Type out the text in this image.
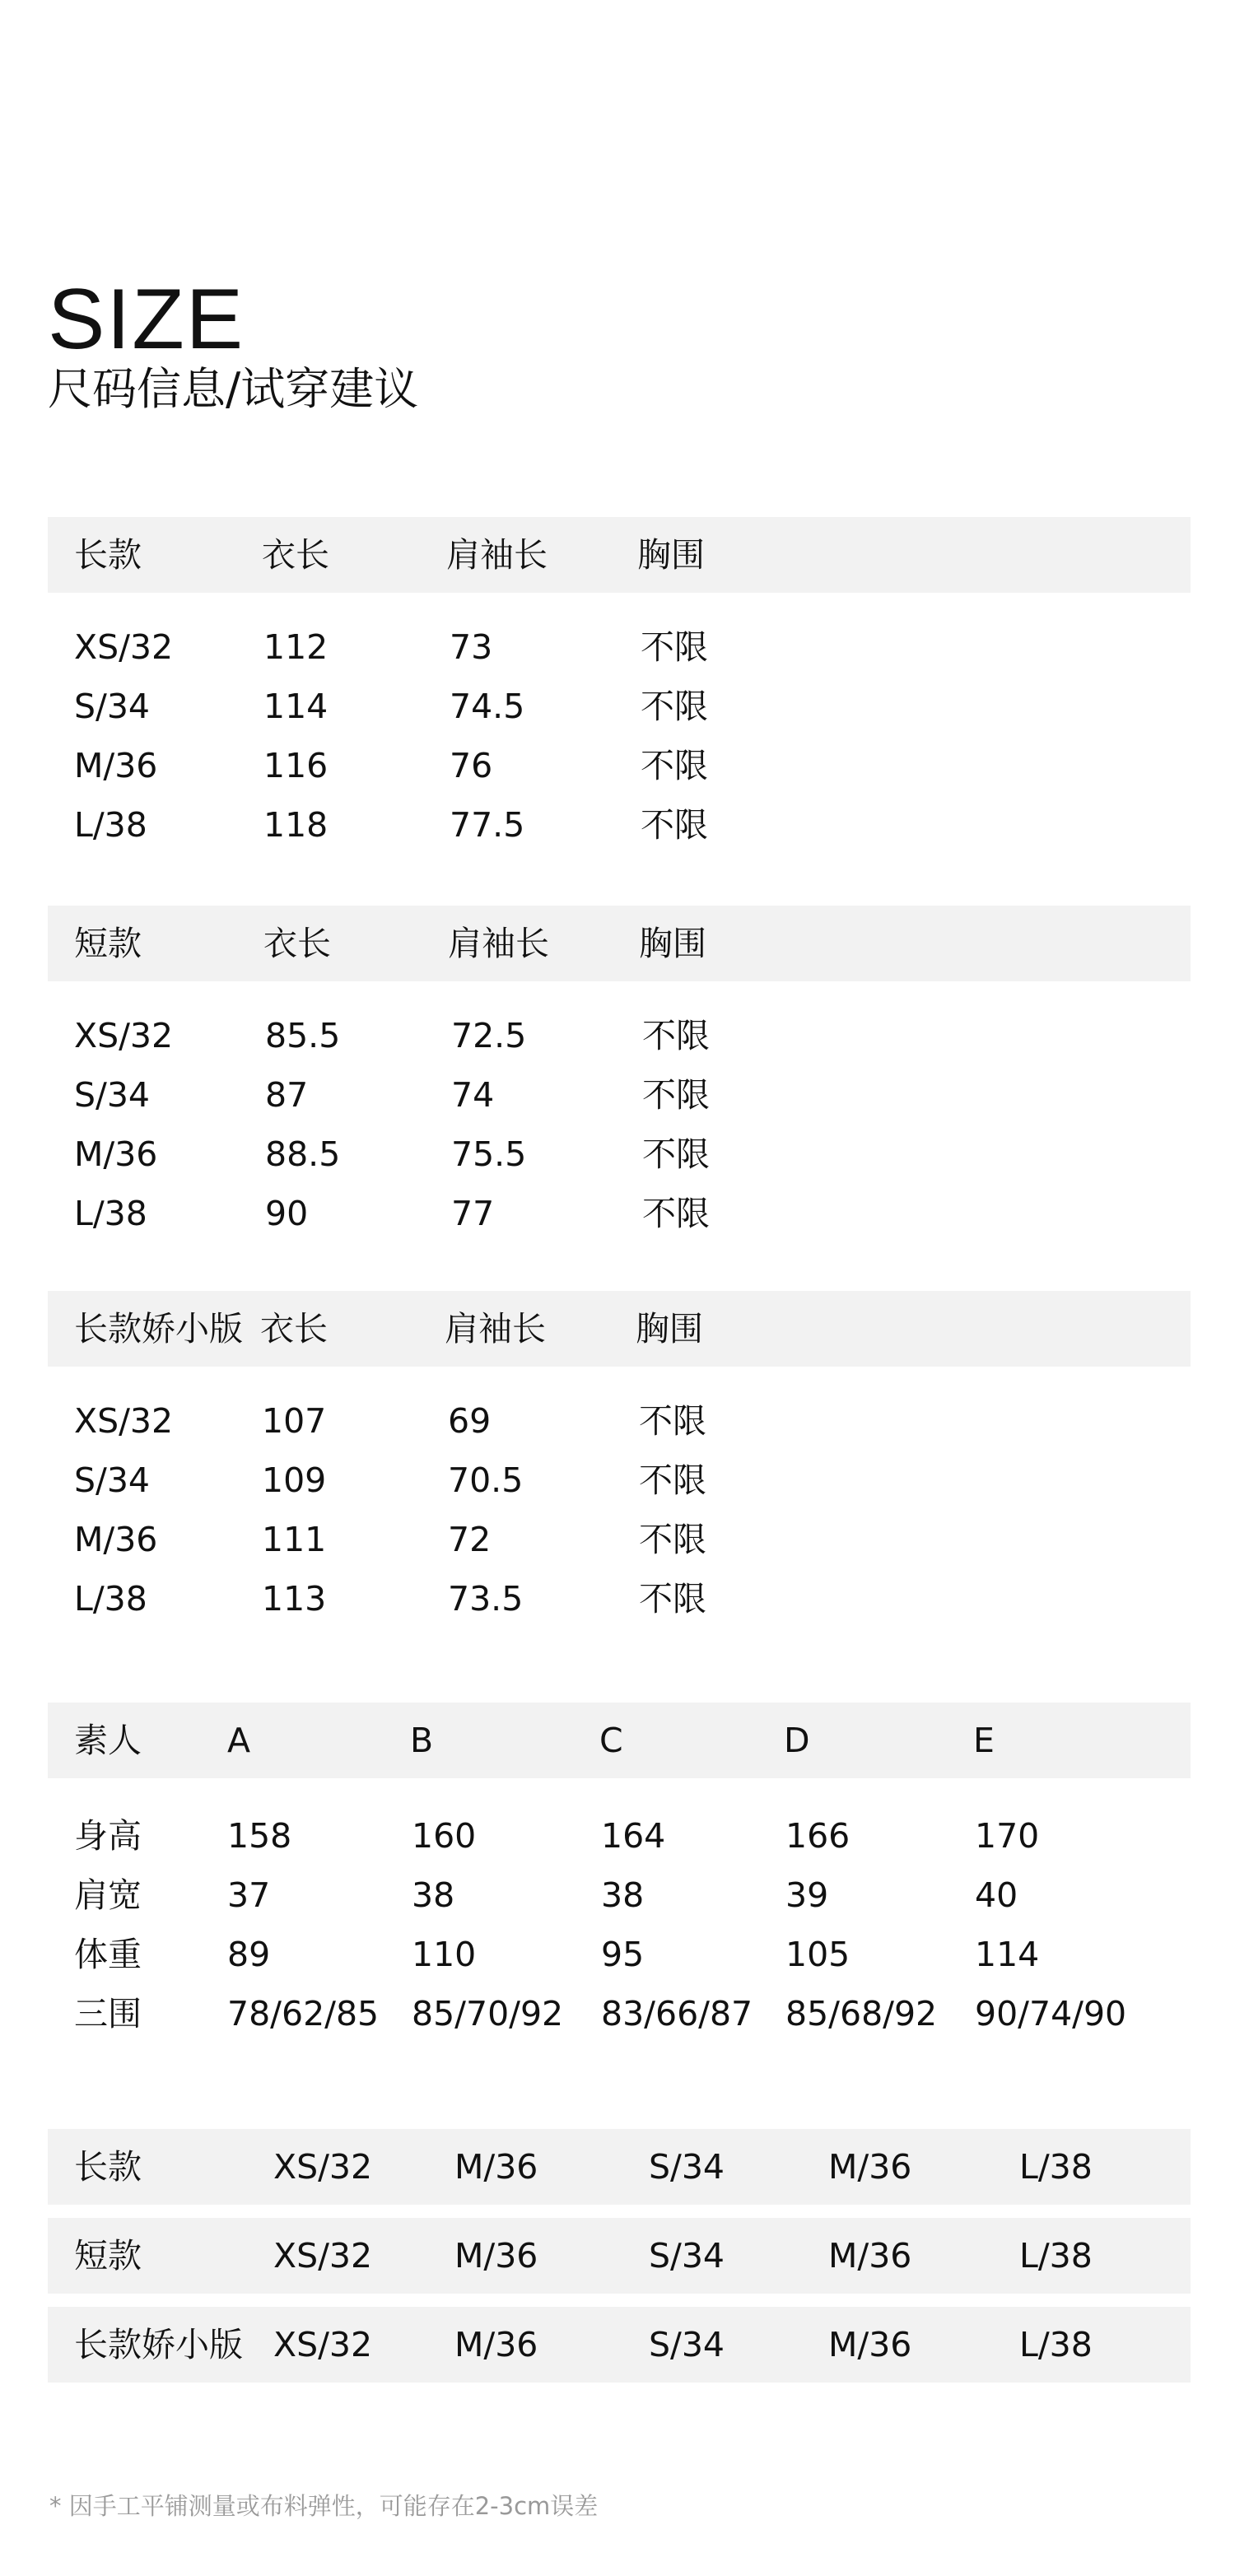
SIZE
尺码信息/试穿建议
长款	衣长	肩袖长	胸围
XS/32	112	73	不限
S/34	114	74.5	不限
M/36	116	76	不限
L/38	118	77.5	不限
短款	衣长	肩袖长	胸围
XS/32	85.5	72.5	不限
S/34	87	74	不限
M/36	88.5	75.5	不限
L/38	90	77	不限
长款娇小版 衣长	肩袖长	胸围
XS/32	107	69	不限
S/34	109	70.5	不限
M/36	111	72	不限
L/38	113	73.5	不限
素人	A	B	C	D	E
身高	158	160	164	166	170
肩宽	37	38	38	39	40
体重	89	110	95	105	114
三围	78/62/85 85/70/92 83/66/87 85/68/92 90/74/90
长款	XS/32 M/36	S/34	M/36	L/38
短款	XS/32 M/36	S/34	M/36	L/38
长款娇小版 XS/32 M/36	S/34	M/36	L/38
* 因手工平铺测量或布料弹性，可能存在2-3cm误差
